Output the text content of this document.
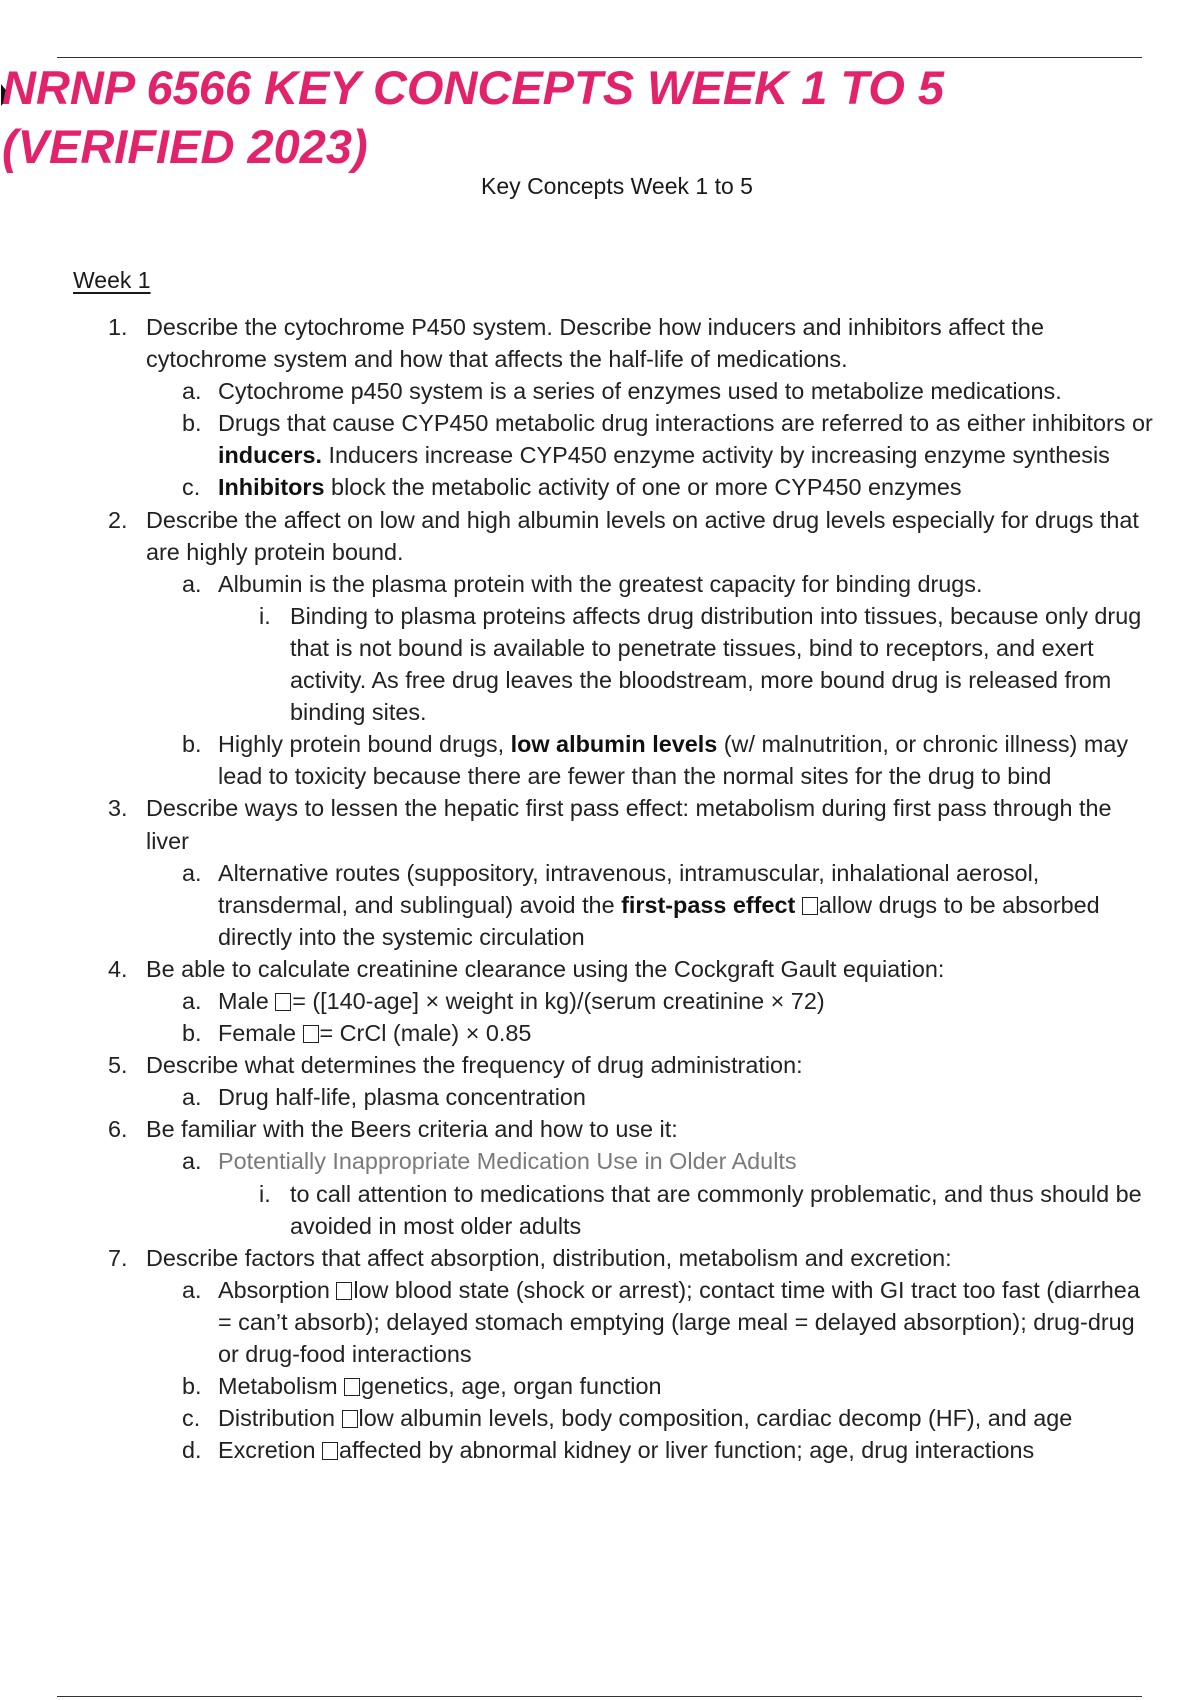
NRNP 6566 KEY CONCEPTS WEEK 1 TO 5
(VERIFIED 2023)
Key Concepts Week 1 to 5
Week 1
1. Describe the cytochrome P450 system. Describe how inducers and inhibitors affect the cytochrome system and how that affects the half-life of medications.
a. Cytochrome p450 system is a series of enzymes used to metabolize medications.
b. Drugs that cause CYP450 metabolic drug interactions are referred to as either inhibitors or inducers. Inducers increase CYP450 enzyme activity by increasing enzyme synthesis
c. Inhibitors block the metabolic activity of one or more CYP450 enzymes
2. Describe the affect on low and high albumin levels on active drug levels especially for drugs that are highly protein bound.
a. Albumin is the plasma protein with the greatest capacity for binding drugs.
i. Binding to plasma proteins affects drug distribution into tissues, because only drug that is not bound is available to penetrate tissues, bind to receptors, and exert activity. As free drug leaves the bloodstream, more bound drug is released from binding sites.
b. Highly protein bound drugs, low albumin levels (w/ malnutrition, or chronic illness) may lead to toxicity because there are fewer than the normal sites for the drug to bind
3. Describe ways to lessen the hepatic first pass effect: metabolism during first pass through the liver
a. Alternative routes (suppository, intravenous, intramuscular, inhalational aerosol, transdermal, and sublingual) avoid the first-pass effect allow drugs to be absorbed directly into the systemic circulation
4. Be able to calculate creatinine clearance using the Cockgraft Gault equiation:
a. Male = ([140-age] × weight in kg)/(serum creatinine × 72)
b. Female = CrCl (male) × 0.85
5. Describe what determines the frequency of drug administration:
a. Drug half-life, plasma concentration
6. Be familiar with the Beers criteria and how to use it:
a. Potentially Inappropriate Medication Use in Older Adults
i. to call attention to medications that are commonly problematic, and thus should be avoided in most older adults
7. Describe factors that affect absorption, distribution, metabolism and excretion:
a. Absorption low blood state (shock or arrest); contact time with GI tract too fast (diarrhea = can’t absorb); delayed stomach emptying (large meal = delayed absorption); drug-drug or drug-food interactions
b. Metabolism genetics, age, organ function
c. Distribution low albumin levels, body composition, cardiac decomp (HF), and age
d. Excretion affected by abnormal kidney or liver function; age, drug interactions
